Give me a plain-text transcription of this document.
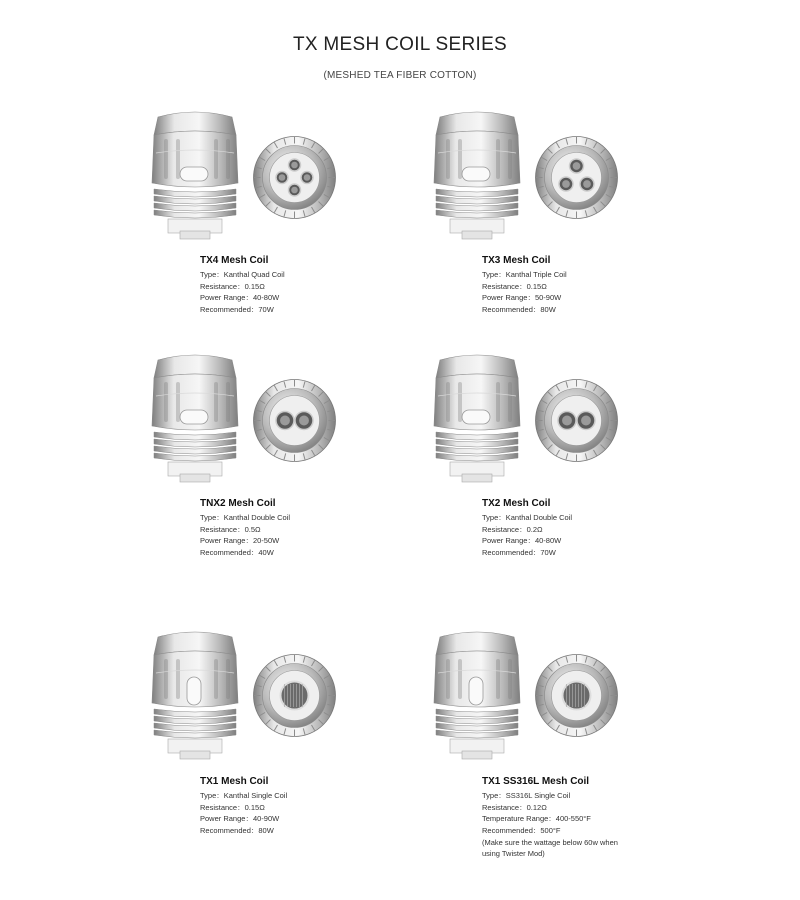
TX MESH COIL SERIES
(MESHED TEA FIBER COTTON)
TX4 Mesh Coil
Type：Kanthal Quad Coil
Resistance：0.15Ω
Power Range：40-80W
Recommended：70W
TX3 Mesh Coil
Type：Kanthal Triple Coil
Resistance：0.15Ω
Power Range：50-90W
Recommended：80W
TNX2 Mesh Coil
Type：Kanthal Double Coil
Resistance：0.5Ω
Power Range：20-50W
Recommended：40W
TX2 Mesh Coil
Type：Kanthal Double Coil
Resistance：0.2Ω
Power Range：40-80W
Recommended：70W
TX1 Mesh Coil
Type：Kanthal Single Coil
Resistance：0.15Ω
Power Range：40-90W
Recommended：80W
TX1 SS316L Mesh Coil
Type：SS316L Single Coil
Resistance：0.12Ω
Temperature Range：400-550°F
Recommended：500°F
(Make sure the wattage below 60w when using Twister Mod)
